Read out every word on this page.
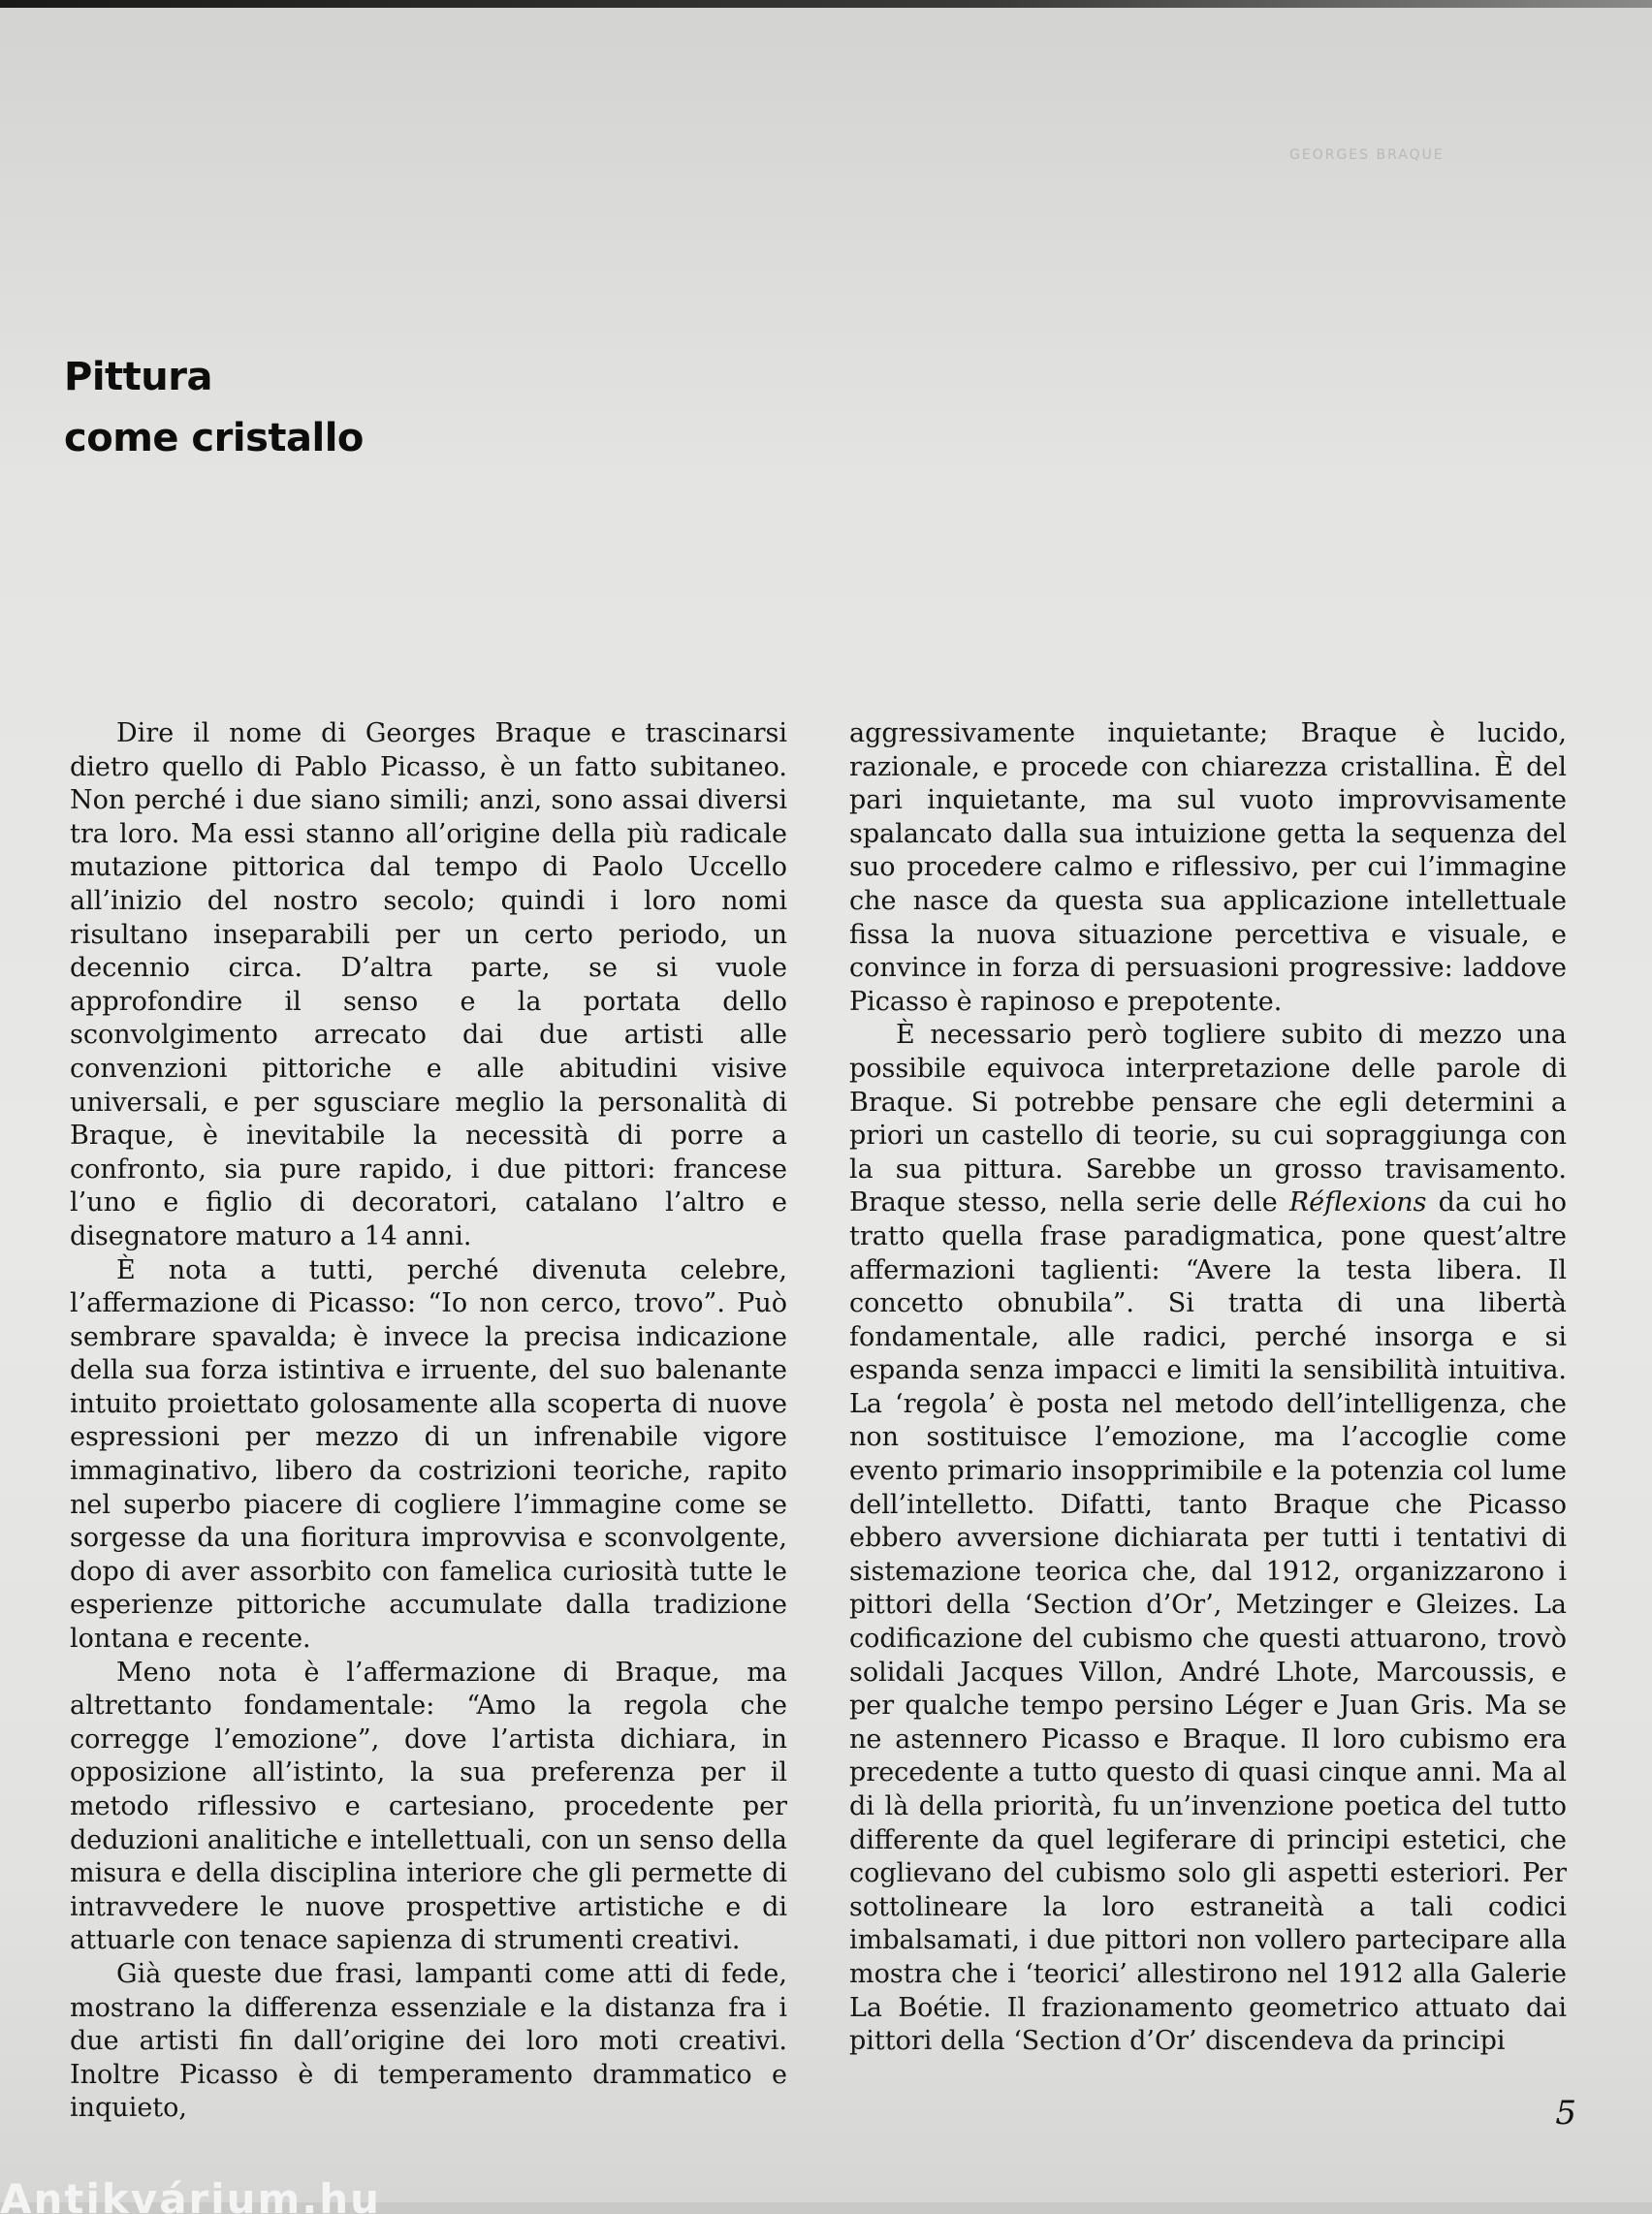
GEORGES BRAQUE
Pittura
come cristallo

Dire il nome di Georges Braque e trascinarsi dietro quello di Pablo Picasso, è un fatto subitaneo. Non perché i due siano simili; anzi, sono assai diversi tra loro. Ma essi stanno all’origine della più radicale mutazione pittorica dal tempo di Paolo Uccello all’inizio del nostro secolo; quindi i loro nomi risultano inseparabili per un certo periodo, un decennio circa. D’altra parte, se si vuole approfondire il senso e la portata dello sconvolgimento arrecato dai due artisti alle convenzioni pittoriche e alle abitudini visive universali, e per sgusciare meglio la personalità di Braque, è inevitabile la necessità di porre a confronto, sia pure rapido, i due pittori: francese l’uno e figlio di decoratori, catalano l’altro e disegnatore maturo a 14 anni.

È nota a tutti, perché divenuta celebre, l’affermazione di Picasso: “Io non cerco, trovo”. Può sembrare spavalda; è invece la precisa indicazione della sua forza istintiva e irruente, del suo balenante intuito proiettato golosamente alla scoperta di nuove espressioni per mezzo di un infrenabile vigore immaginativo, libero da costrizioni teoriche, rapito nel superbo piacere di cogliere l’immagine come se sorgesse da una fioritura improvvisa e sconvolgente, dopo di aver assorbito con famelica curiosità tutte le esperienze pittoriche accumulate dalla tradizione lontana e recente.

Meno nota è l’affermazione di Braque, ma altrettanto fondamentale: “Amo la regola che corregge l’emozione”, dove l’artista dichiara, in opposizione all’istinto, la sua preferenza per il metodo riflessivo e cartesiano, procedente per deduzioni analitiche e intellettuali, con un senso della misura e della disciplina interiore che gli permette di intravvedere le nuove prospettive artistiche e di attuarle con tenace sapienza di strumenti creativi.

Già queste due frasi, lampanti come atti di fede, mostrano la differenza essenziale e la distanza fra i due artisti fin dall’origine dei loro moti creativi. Inoltre Picasso è di temperamento drammatico e inquieto,

aggressivamente inquietante; Braque è lucido, razionale, e procede con chiarezza cristallina. È del pari inquietante, ma sul vuoto improvvisamente spalancato dalla sua intuizione getta la sequenza del suo procedere calmo e riflessivo, per cui l’immagine che nasce da questa sua applicazione intellettuale fissa la nuova situazione percettiva e visuale, e convince in forza di persuasioni progressive: laddove Picasso è rapinoso e prepotente.

È necessario però togliere subito di mezzo una possibile equivoca interpretazione delle parole di Braque. Si potrebbe pensare che egli determini a priori un castello di teorie, su cui sopraggiunga con la sua pittura. Sarebbe un grosso travisamento. Braque stesso, nella serie delle Réflexions da cui ho tratto quella frase paradigmatica, pone quest’altre affermazioni taglienti: “Avere la testa libera. Il concetto obnubila”. Si tratta di una libertà fondamentale, alle radici, perché insorga e si espanda senza impacci e limiti la sensibilità intuitiva. La ‘regola’ è posta nel metodo dell’intelligenza, che non sostituisce l’emozione, ma l’accoglie come evento primario insopprimibile e la potenzia col lume dell’intelletto. Difatti, tanto Braque che Picasso ebbero avversione dichiarata per tutti i tentativi di sistemazione teorica che, dal 1912, organizzarono i pittori della ‘Section d’Or’, Metzinger e Gleizes. La codificazione del cubismo che questi attuarono, trovò solidali Jacques Villon, André Lhote, Marcoussis, e per qualche tempo persino Léger e Juan Gris. Ma se ne astennero Picasso e Braque. Il loro cubismo era precedente a tutto questo di quasi cinque anni. Ma al di là della priorità, fu un’invenzione poetica del tutto differente da quel legiferare di principi estetici, che coglievano del cubismo solo gli aspetti esteriori. Per sottolineare la loro estraneità a tali codici imbalsamati, i due pittori non vollero partecipare alla mostra che i ‘teorici’ allestirono nel 1912 alla Galerie La Boétie. Il frazionamento geometrico attuato dai pittori della ‘Section d’Or’ discendeva da principi

5
Antikvárium.hu
